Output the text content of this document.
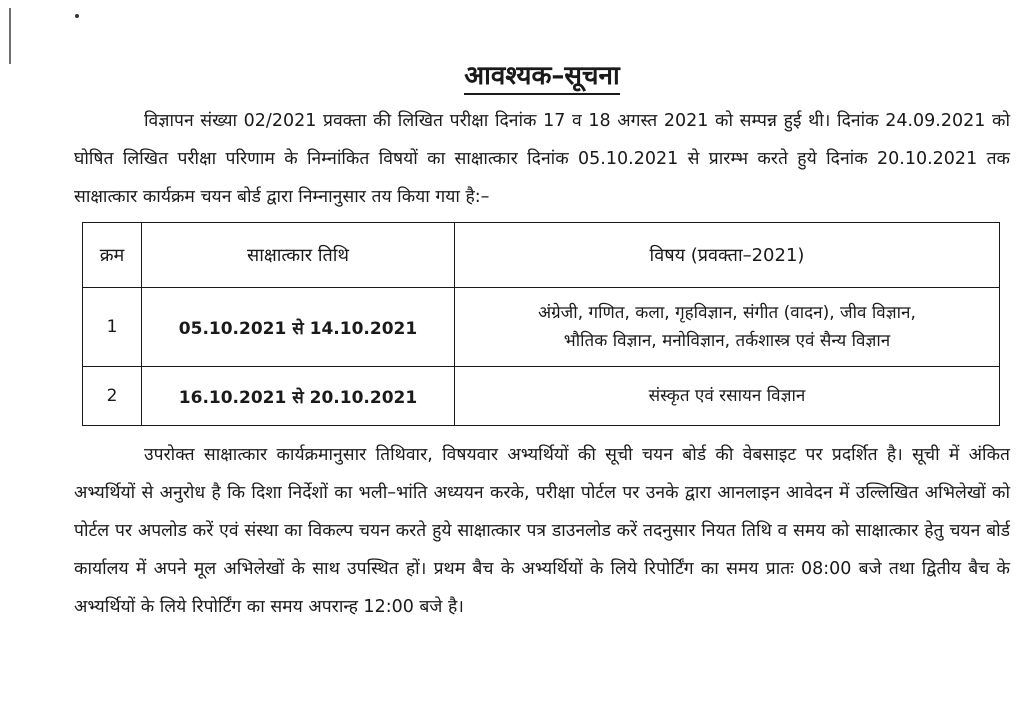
आवश्यक–सूचना

विज्ञापन संख्या 02/2021 प्रवक्ता की लिखित परीक्षा दिनांक 17 व 18 अगस्त 2021 को सम्पन्न हुई थी। दिनांक 24.09.2021 को घोषित लिखित परीक्षा परिणाम के निम्नांकित विषयों का साक्षात्कार दिनांक 05.10.2021 से प्रारम्भ करते हुये दिनांक 20.10.2021 तक साक्षात्कार कार्यक्रम चयन बोर्ड द्वारा निम्नानुसार तय किया गया है:–

क्रम	साक्षात्कार तिथि	विषय (प्रवक्ता–2021)
1	05.10.2021 से 14.10.2021	अंग्रेजी, गणित, कला, गृहविज्ञान, संगीत (वादन), जीव विज्ञान,
भौतिक विज्ञान, मनोविज्ञान, तर्कशास्त्र एवं सैन्य विज्ञान

2	16.10.2021 से 20.10.2021	संस्कृत एवं रसायन विज्ञान

उपरोक्त साक्षात्कार कार्यक्रमानुसार तिथिवार, विषयवार अभ्यर्थियों की सूची चयन बोर्ड की वेबसाइट पर प्रदर्शित है। सूची में अंकित अभ्यर्थियों से अनुरोध है कि दिशा निर्देशों का भली–भांति अध्ययन करके, परीक्षा पोर्टल पर उनके द्वारा आनलाइन आवेदन में उल्लिखित अभिलेखों को पोर्टल पर अपलोड करें एवं संस्था का विकल्प चयन करते हुये साक्षात्कार पत्र डाउनलोड करें तदनुसार नियत तिथि व समय को साक्षात्कार हेतु चयन बोर्ड कार्यालय में अपने मूल अभिलेखों के साथ उपस्थित हों। प्रथम बैच के अभ्यर्थियों के लिये रिपोर्टिंग का समय प्रातः 08:00 बजे तथा द्वितीय बैच के अभ्यर्थियों के लिये रिपोर्टिंग का समय अपरान्ह 12:00 बजे है।
